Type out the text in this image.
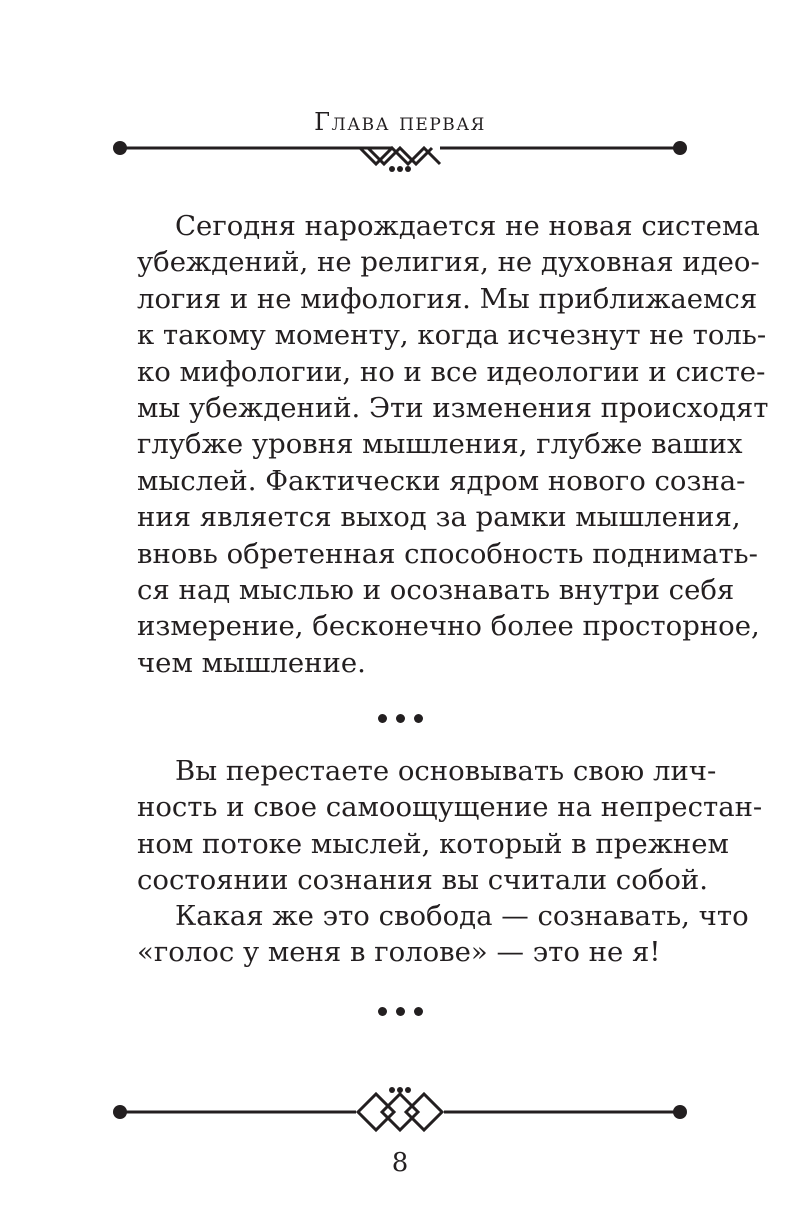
Глава первая
Сегодня нарождается не новая система
убеждений, не религия, не духовная идео-
логия и не мифология. Мы приближаемся
к такому моменту, когда исчезнут не толь-
ко мифологии, но и все идеологии и систе-
мы убеждений. Эти изменения происходят
глубже уровня мышления, глубже ваших
мыслей. Фактически ядром нового созна-
ния является выход за рамки мышления,
вновь обретенная способность поднимать-
ся над мыслью и осознавать внутри себя
измерение, бесконечно более просторное,
чем мышление.
Вы перестаете основывать свою лич-
ность и свое самоощущение на непрестан-
ном потоке мыслей, который в прежнем
состоянии сознания вы считали собой.
Какая же это свобода — сознавать, что
«голос у меня в голове» — это не я!
8
